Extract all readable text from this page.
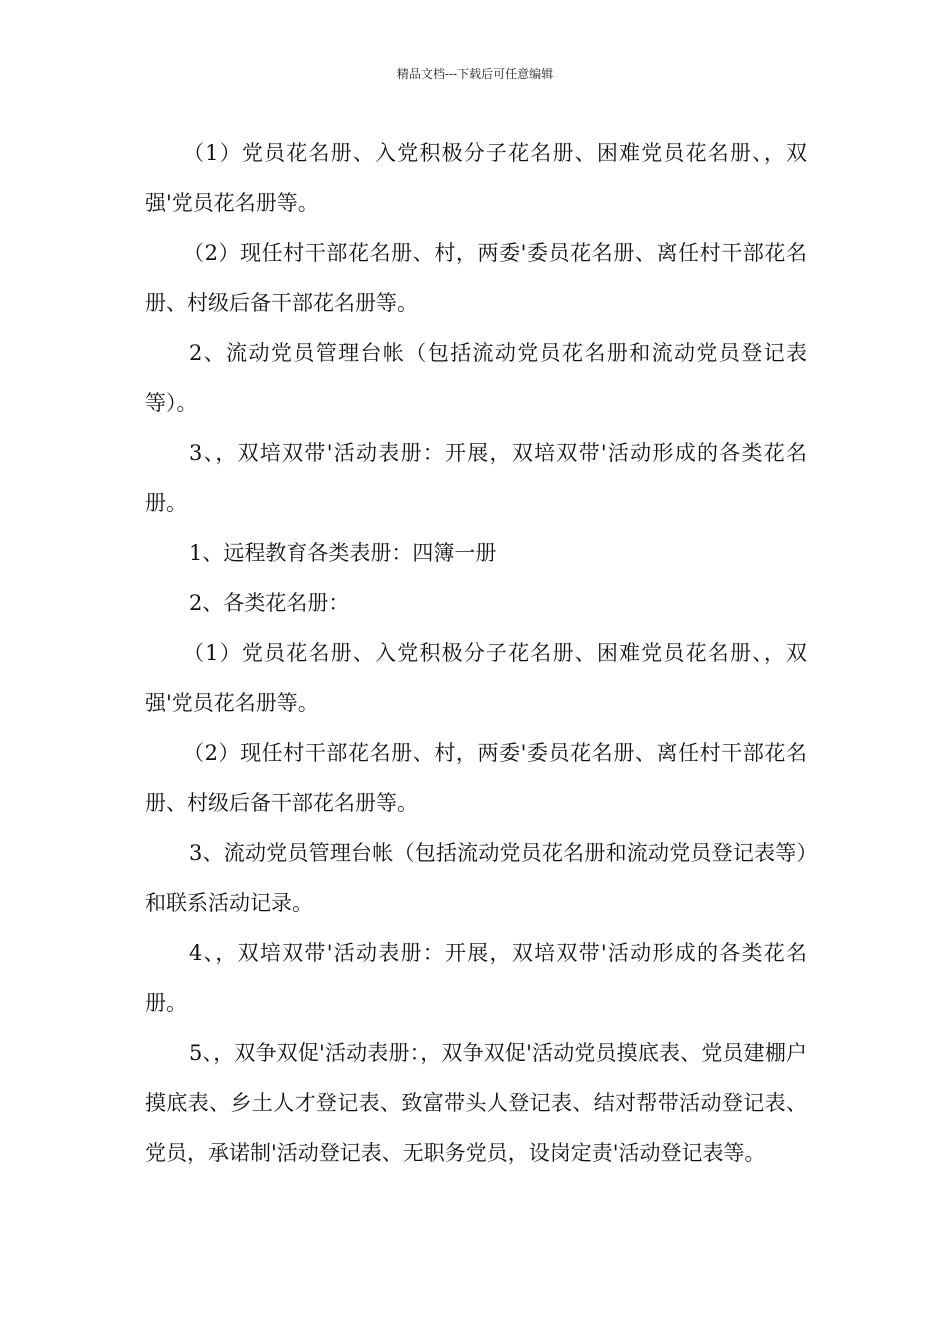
精品文档---下载后可任意编辑

（1）党员花名册、入党积极分子花名册、困难党员花名册、，双强'党员花名册等。

（2）现任村干部花名册、村，两委'委员花名册、离任村干部花名册、村级后备干部花名册等。

2、流动党员管理台帐（包括流动党员花名册和流动党员登记表等）。

3、，双培双带'活动表册：开展，双培双带'活动形成的各类花名册。

1、远程教育各类表册：四簿一册

2、各类花名册：

（1）党员花名册、入党积极分子花名册、困难党员花名册、，双强'党员花名册等。

（2）现任村干部花名册、村，两委'委员花名册、离任村干部花名册、村级后备干部花名册等。

3、流动党员管理台帐（包括流动党员花名册和流动党员登记表等）和联系活动记录。

4、，双培双带'活动表册：开展，双培双带'活动形成的各类花名册。

5、，双争双促'活动表册：，双争双促'活动党员摸底表、党员建棚户摸底表、乡土人才登记表、致富带头人登记表、结对帮带活动登记表、党员，承诺制'活动登记表、无职务党员，设岗定责'活动登记表等。
